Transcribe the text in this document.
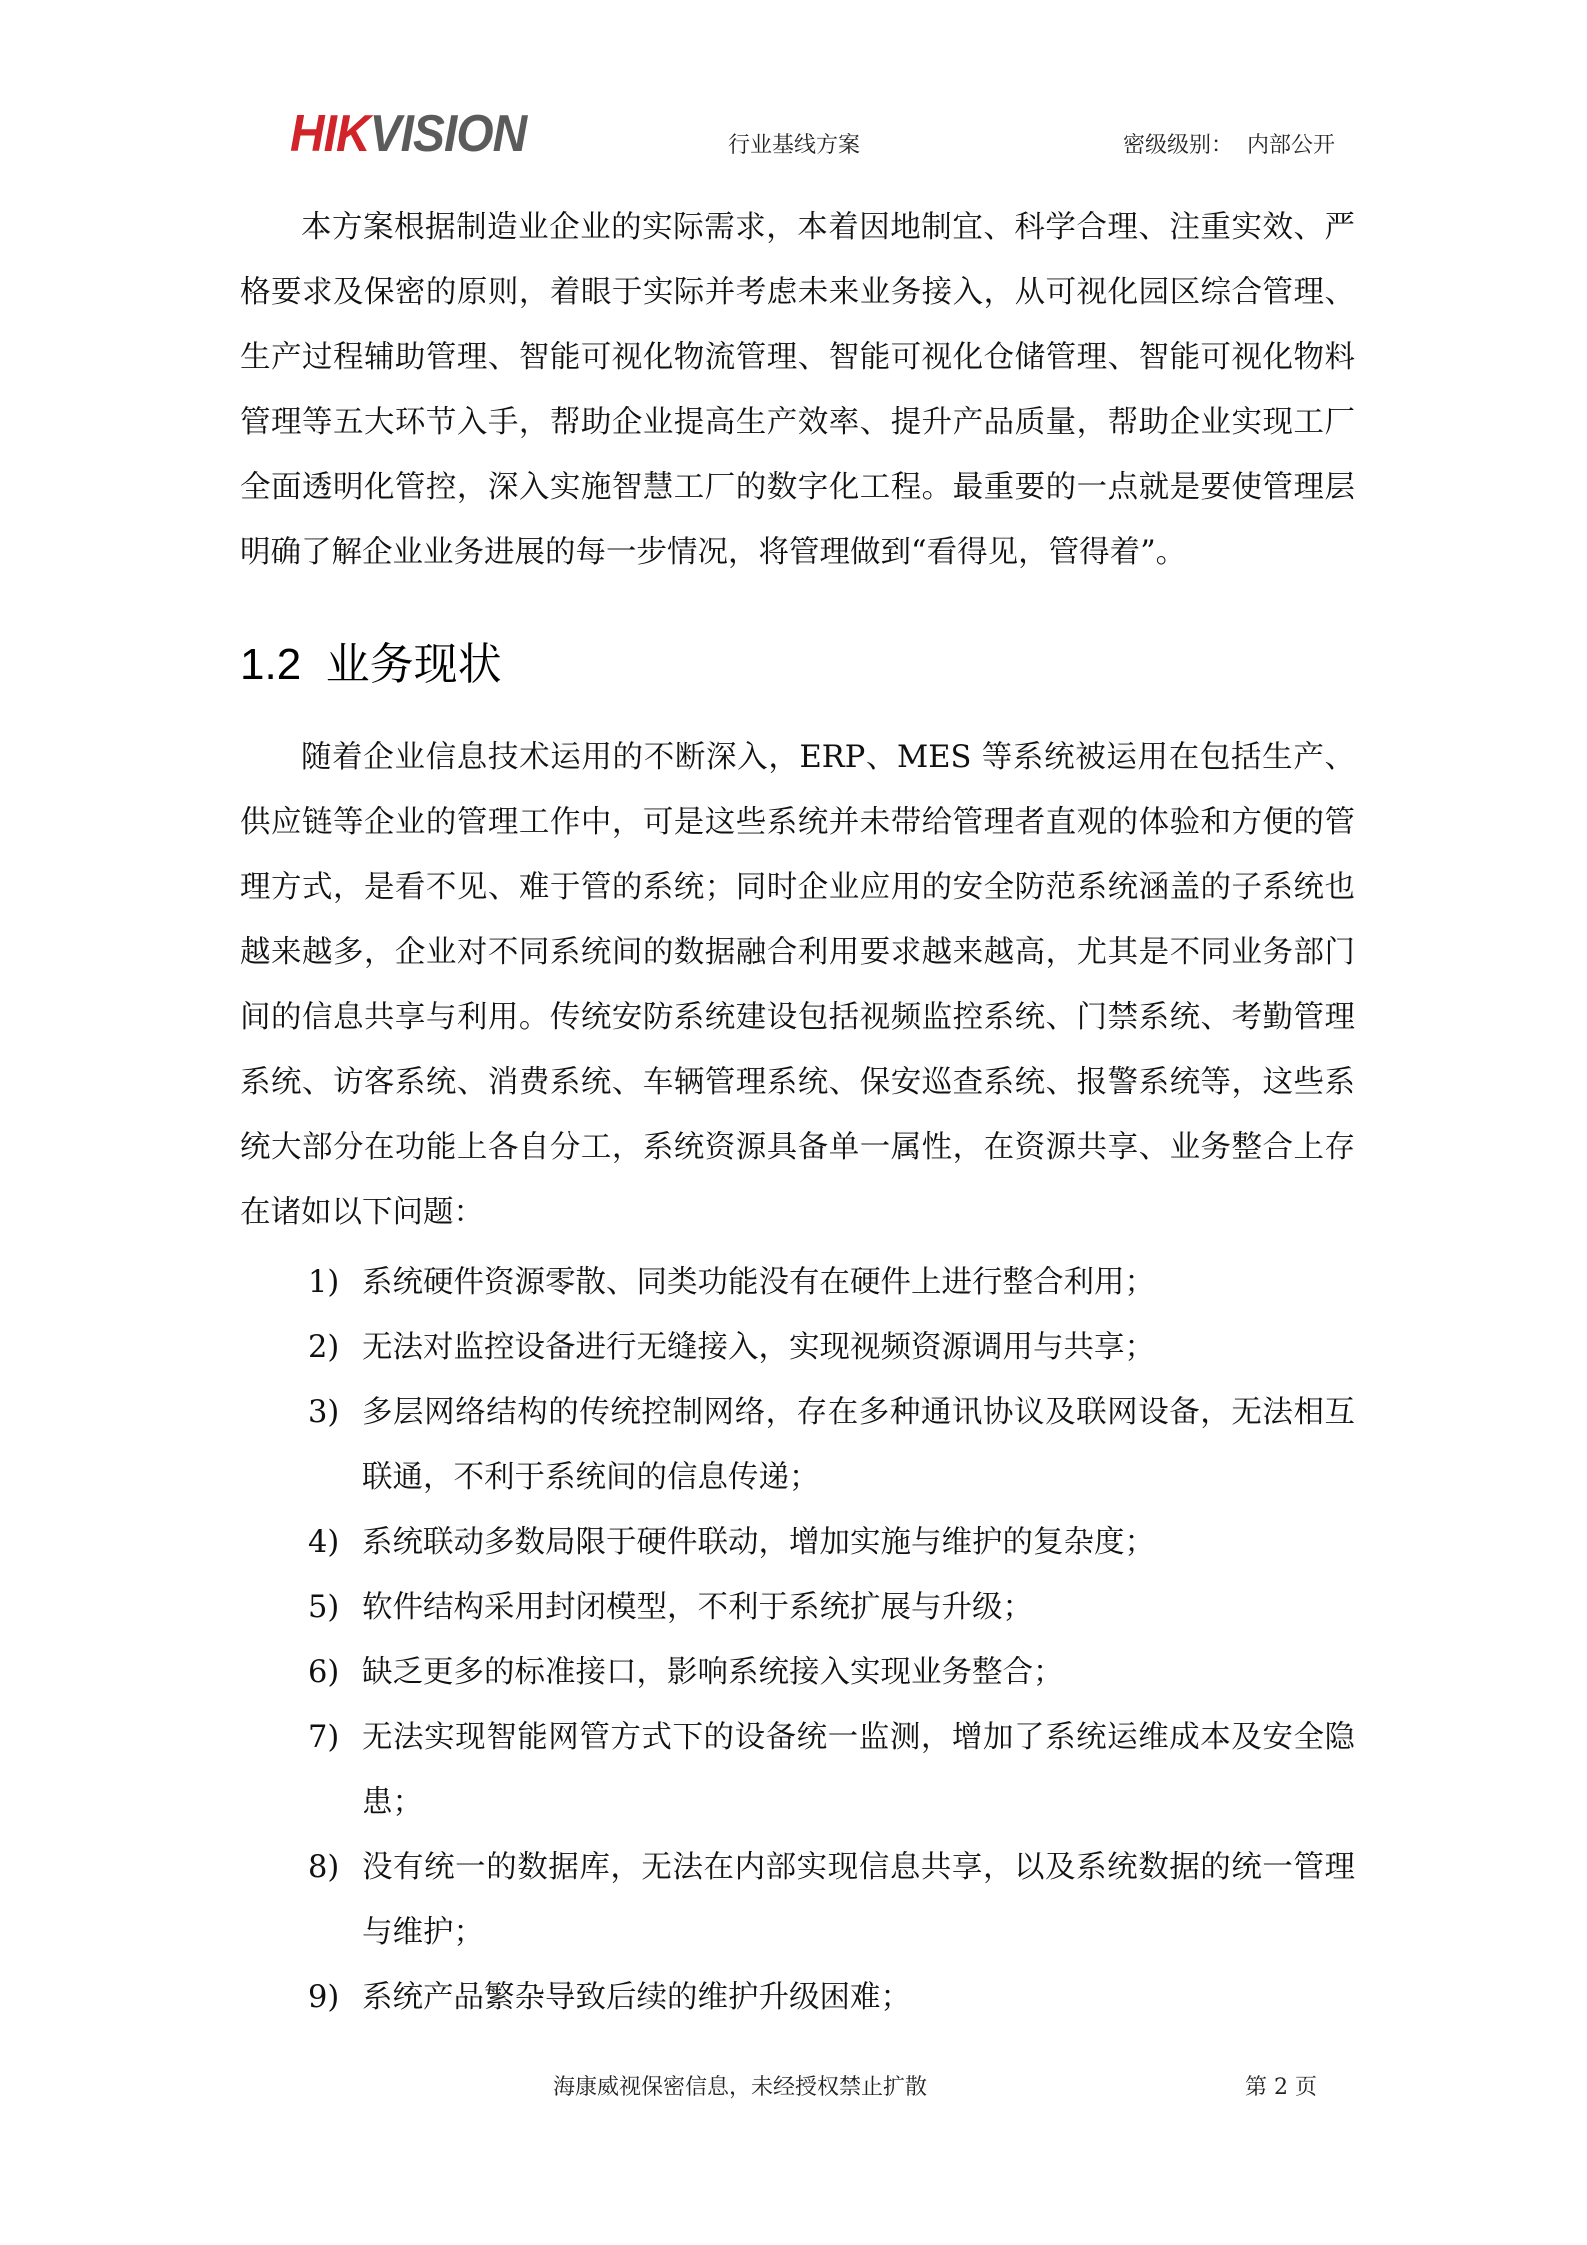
HIKVISION	行业基线方案	密级级别：  内部公开

本方案根据制造业企业的实际需求，本着因地制宜、科学合理、注重实效、严格要求及保密的原则，着眼于实际并考虑未来业务接入，从可视化园区综合管理、生产过程辅助管理、智能可视化物流管理、智能可视化仓储管理、智能可视化物料管理等五大环节入手，帮助企业提高生产效率、提升产品质量，帮助企业实现工厂全面透明化管控，深入实施智慧工厂的数字化工程。最重要的一点就是要使管理层明确了解企业业务进展的每一步情况，将管理做到“看得见，管得着”。

1.2  业务现状

随着企业信息技术运用的不断深入，ERP、MES 等系统被运用在包括生产、供应链等企业的管理工作中，可是这些系统并未带给管理者直观的体验和方便的管理方式，是看不见、难于管的系统；同时企业应用的安全防范系统涵盖的子系统也越来越多，企业对不同系统间的数据融合利用要求越来越高，尤其是不同业务部门间的信息共享与利用。传统安防系统建设包括视频监控系统、门禁系统、考勤管理系统、访客系统、消费系统、车辆管理系统、保安巡查系统、报警系统等，这些系统大部分在功能上各自分工，系统资源具备单一属性，在资源共享、业务整合上存在诸如以下问题：

1) 系统硬件资源零散、同类功能没有在硬件上进行整合利用；
2) 无法对监控设备进行无缝接入，实现视频资源调用与共享；
3) 多层网络结构的传统控制网络，存在多种通讯协议及联网设备，无法相互联通，不利于系统间的信息传递；
4) 系统联动多数局限于硬件联动，增加实施与维护的复杂度；
5) 软件结构采用封闭模型，不利于系统扩展与升级；
6) 缺乏更多的标准接口，影响系统接入实现业务整合；
7) 无法实现智能网管方式下的设备统一监测，增加了系统运维成本及安全隐患；
8) 没有统一的数据库，无法在内部实现信息共享，以及系统数据的统一管理与维护；
9) 系统产品繁杂导致后续的维护升级困难；
海康威视保密信息，未经授权禁止扩散	第 2 页
